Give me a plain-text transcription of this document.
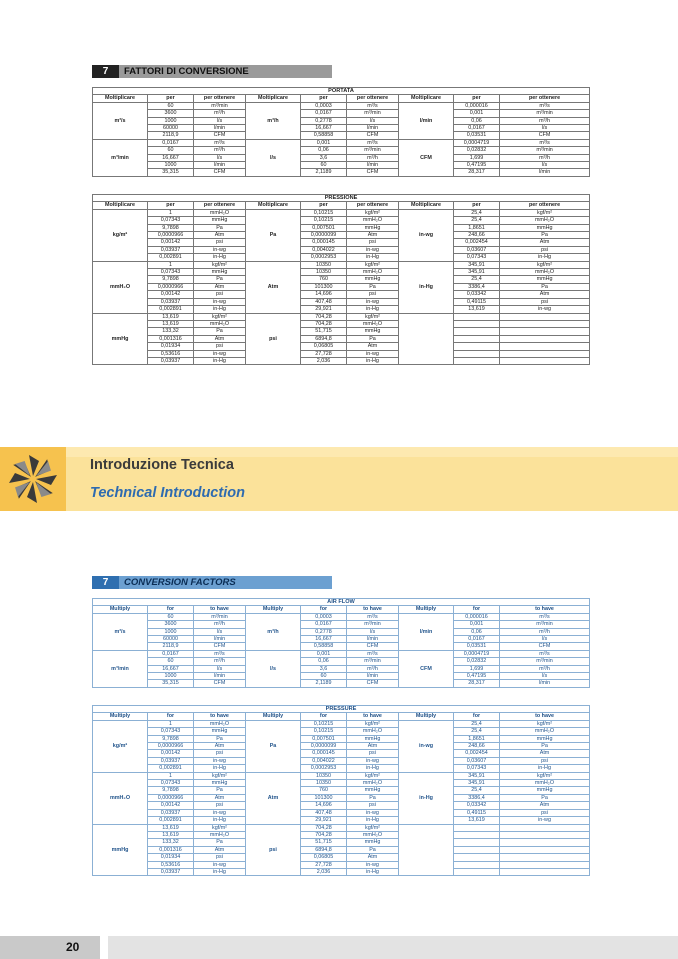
7	FATTORI DI CONVERSIONE
PORTATA								
Moltiplicare	per	per ottenere	Moltiplicare	per	per ottenere	Moltiplicare	per	per ottenere
m³/s	60	m³/min	m³/h	0,0003	m³/s	l/min	0,000016	m³/s
	3600	m³/h		0,0167	m³/min		0,001	m³/min
	1000	l/s		0,2778	l/s		0,06	m³/h
	60000	l/min		16,667	l/min		0,0167	l/s
	2118,9	CFM		0,58858	CFM		0,03531	CFM
m³/min	0,0167	m³/s	l/s	0,001	m³/s	CFM	0,0004719	m³/s
	60	m³/h		0,06	m³/min		0,02832	m³/min
	16,667	l/s		3,6	m³/h		1,699	m³/h
	1000	l/min		60	l/min		0,47195	l/s
	35,315	CFM		2,1189	CFM		28,317	l/min
PRESSIONE								
Moltiplicare	per	per ottenere	Moltiplicare	per	per ottenere	Moltiplicare	per	per ottenere
kg/m²	1	mmH₂O	Pa	0,10215	kgf/m²	in-wg	25,4	kgf/m²
	0,07343	mmHg		0,10215	mmH₂O		25,4	mmH₂O
	9,7898	Pa		0,007501	mmHg		1,8651	mmHg
	0,0000966	Atm		0,0000099	Atm		248,66	Pa
	0,00142	psi		0,000145	psi		0,002454	Atm
	0,03937	in-wg		0,004022	in-wg		0,03607	psi
	0,002891	in-Hg		0,0002953	in-Hg		0,07343	in-Hg
mmH₂O	1	kgf/m²	Atm	10350	kgf/m²	in-Hg	345,91	kgf/m²
	0,07343	mmHg		10350	mmH₂O		345,91	mmH₂O
	9,7898	Pa		760	mmHg		25,4	mmHg
	0,0000966	Atm		101300	Pa		3386,4	Pa
	0,00142	psi		14,696	psi		0,03342	Atm
	0,03937	in-wg		407,48	in-wg		0,49115	psi
	0,002891	in-Hg		29,921	in-Hg		13,619	in-wg
mmHg	13,619	kgf/m²	psi	704,28	kgf/m²			
	13,619	mmH₂O		704,28	mmH₂O			
	133,32	Pa		51,715	mmHg			
	0,001316	Atm		6894,8	Pa			
	0,01934	psi		0,06805	Atm			
	0,53616	in-wg		27,728	in-wg			
	0,03937	in-Hg		2,036	in-Hg			
Introduzione Tecnica
Technical Introduction
7	CONVERSION FACTORS
AIR FLOW								
Multiply	for	to have	Multiply	for	to have	Multiply	for	to have
m³/s	60	m³/min	m³/h	0,0003	m³/s	l/min	0,000016	m³/s
	3600	m³/h		0,0167	m³/min		0,001	m³/min
	1000	l/s		0,2778	l/s		0,06	m³/h
	60000	l/min		16,667	l/min		0,0167	l/s
	2118,9	CFM		0,58858	CFM		0,03531	CFM
m³/min	0,0167	m³/s	l/s	0,001	m³/s	CFM	0,0004719	m³/s
	60	m³/h		0,06	m³/min		0,02832	m³/min
	16,667	l/s		3,6	m³/h		1,699	m³/h
	1000	l/min		60	l/min		0,47195	l/s
	35,315	CFM		2,1189	CFM		28,317	l/min
PRESSURE								
Multiply	for	to have	Multiply	for	to have	Multiply	for	to have
kg/m²	1	mmH₂O	Pa	0,10215	kgf/m²	in-wg	25,4	kgf/m²
	0,07343	mmHg		0,10215	mmH₂O		25,4	mmH₂O
	9,7898	Pa		0,007501	mmHg		1,8651	mmHg
	0,0000966	Atm		0,0000099	Atm		248,66	Pa
	0,00142	psi		0,000145	psi		0,002454	Atm
	0,03937	in-wg		0,004022	in-wg		0,03607	psi
	0,002891	in-Hg		0,0002953	in-Hg		0,07343	in-Hg
mmH₂O	1	kgf/m²	Atm	10350	kgf/m²	in-Hg	345,91	kgf/m²
	0,07343	mmHg		10350	mmH₂O		345,91	mmH₂O
	9,7898	Pa		760	mmHg		25,4	mmHg
	0,0000966	Atm		101300	Pa		3386,4	Pa
	0,00142	psi		14,696	psi		0,03342	Atm
	0,03937	in-wg		407,48	in-wg		0,49115	psi
	0,002891	in-Hg		29,921	in-Hg		13,619	in-wg
mmHg	13,619	kgf/m²	psi	704,28	kgf/m²			
	13,619	mmH₂O		704,28	mmH₂O			
	133,32	Pa		51,715	mmHg			
	0,001316	Atm		6894,8	Pa			
	0,01934	psi		0,06805	Atm			
	0,53616	in-wg		27,728	in-wg			
	0,03937	in-Hg		2,036	in-Hg			
20
